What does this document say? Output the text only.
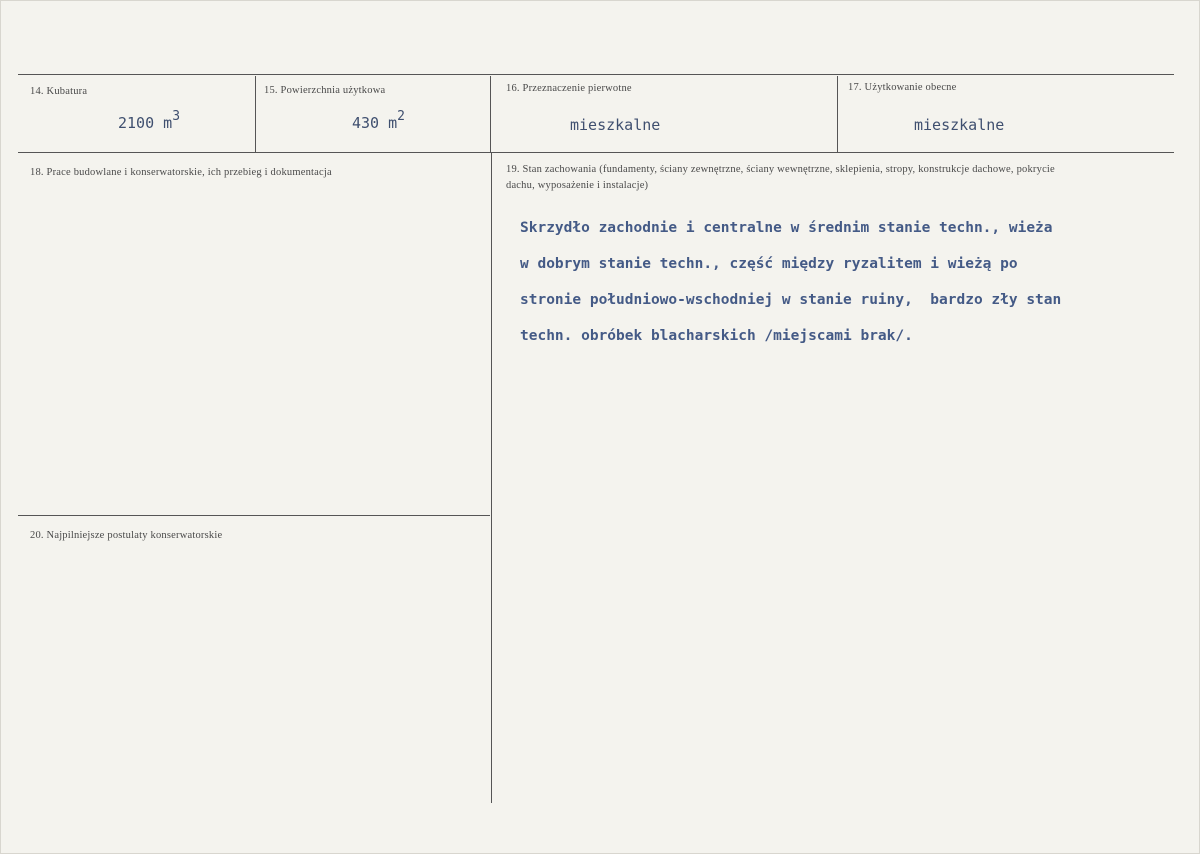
14. Kubatura
2100 $m^3$
15. Powierzchnia użytkowa
430 $m^2$
16. Przeznaczenie pierwotne
mieszkalne
17. Użytkowanie obecne
mieszkalne
18. Prace budowlane i konserwatorskie, ich przebieg i dokumentacja	19. Stan zachowania (fundamenty, ściany zewnętrzne, ściany wewnętrzne, sklepienia, stropy, konstrukcje dachowe, pokrycie dachu, wyposażenie i instalacje)

Skrzydło zachodnie i centralne w średnim stanie techn., wieża

w dobrym stanie techn., część między ryzalitem i wieżą po

stronie południowo-wschodniej w stanie ruiny,  bardzo zły stan

techn. obróbek blacharskich /miejscami brak/.

20. Najpilniejsze postulaty konserwatorskie
